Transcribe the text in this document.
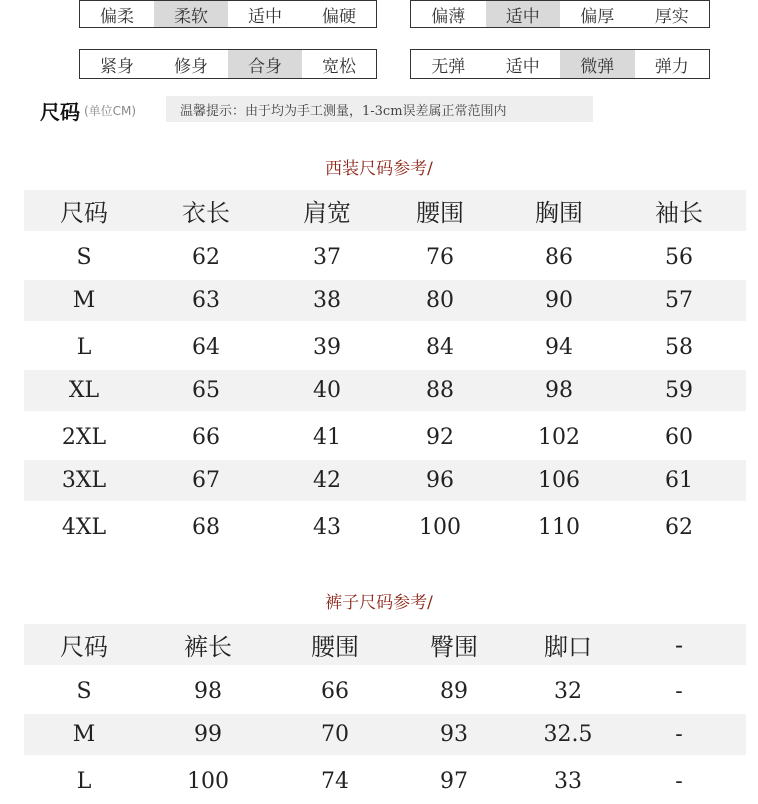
偏柔	柔软	适中	偏硬	偏薄	适中	偏厚	厚实
紧身	修身	合身	宽松	无弹	适中	微弹	弹力
尺码 (单位CM)	温馨提示：由于均为手工测量，1-3cm误差属正常范围内
西装尺码参考/
尺码	衣长	肩宽	腰围	胸围	袖长
S	62	37	76	86	56
M	63	38	80	90	57
L	64	39	84	94	58
XL	65	40	88	98	59
2XL	66	41	92	102	60
3XL	67	42	96	106	61
4XL	68	43	100	110	62
裤子尺码参考/
尺码	裤长	腰围	臀围	脚口	-
S	98	66	89	32	-
M	99	70	93	32.5	-
L	100	74	97	33	-
